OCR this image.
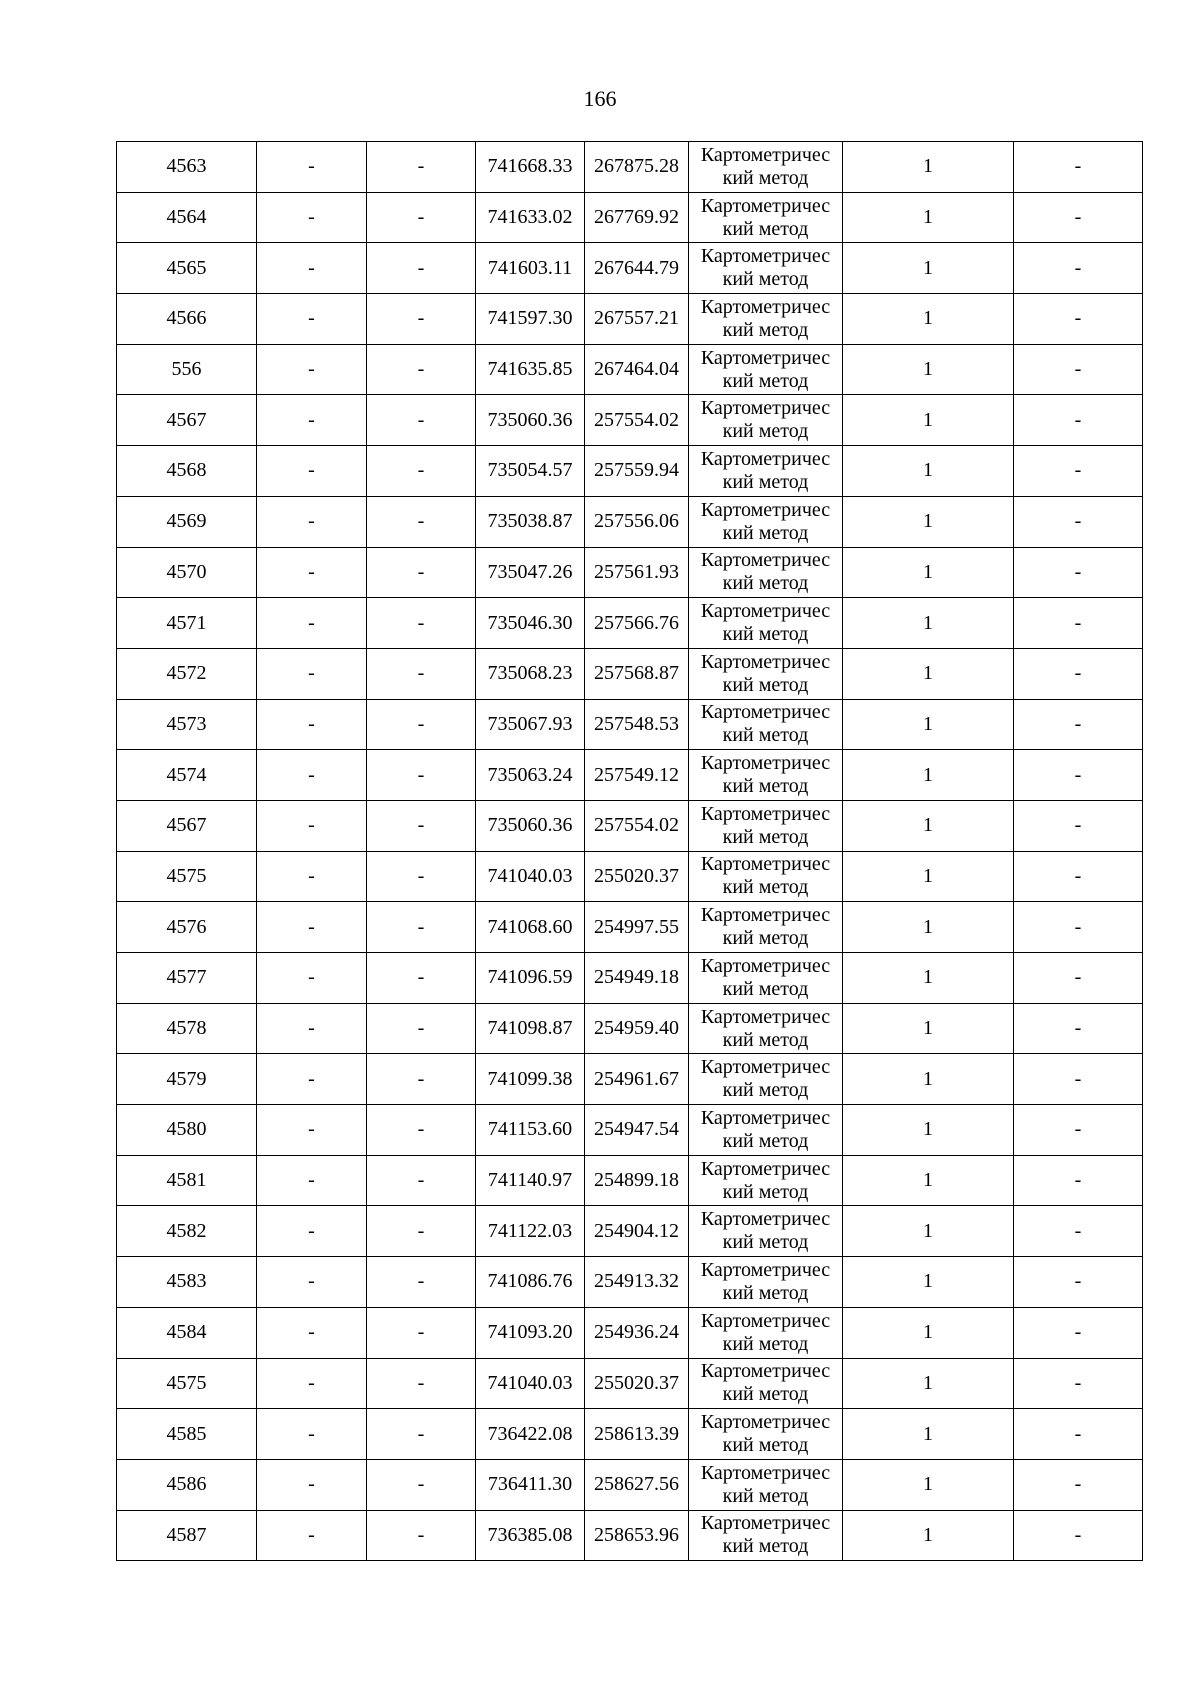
166
4563	-	-	741668.33	267875.28	Картометричес
кий метод	1	-
4564	-	-	741633.02	267769.92	Картометричес
кий метод	1	-
4565	-	-	741603.11	267644.79	Картометричес
кий метод	1	-
4566	-	-	741597.30	267557.21	Картометричес
кий метод	1	-
556	-	-	741635.85	267464.04	Картометричес
кий метод	1	-
4567	-	-	735060.36	257554.02	Картометричес
кий метод	1	-
4568	-	-	735054.57	257559.94	Картометричес
кий метод	1	-
4569	-	-	735038.87	257556.06	Картометричес
кий метод	1	-
4570	-	-	735047.26	257561.93	Картометричес
кий метод	1	-
4571	-	-	735046.30	257566.76	Картометричес
кий метод	1	-
4572	-	-	735068.23	257568.87	Картометричес
кий метод	1	-
4573	-	-	735067.93	257548.53	Картометричес
кий метод	1	-
4574	-	-	735063.24	257549.12	Картометричес
кий метод	1	-
4567	-	-	735060.36	257554.02	Картометричес
кий метод	1	-
4575	-	-	741040.03	255020.37	Картометричес
кий метод	1	-
4576	-	-	741068.60	254997.55	Картометричес
кий метод	1	-
4577	-	-	741096.59	254949.18	Картометричес
кий метод	1	-
4578	-	-	741098.87	254959.40	Картометричес
кий метод	1	-
4579	-	-	741099.38	254961.67	Картометричес
кий метод	1	-
4580	-	-	741153.60	254947.54	Картометричес
кий метод	1	-
4581	-	-	741140.97	254899.18	Картометричес
кий метод	1	-
4582	-	-	741122.03	254904.12	Картометричес
кий метод	1	-
4583	-	-	741086.76	254913.32	Картометричес
кий метод	1	-
4584	-	-	741093.20	254936.24	Картометричес
кий метод	1	-
4575	-	-	741040.03	255020.37	Картометричес
кий метод	1	-
4585	-	-	736422.08	258613.39	Картометричес
кий метод	1	-
4586	-	-	736411.30	258627.56	Картометричес
кий метод	1	-
4587	-	-	736385.08	258653.96	Картометричес
кий метод	1	-
